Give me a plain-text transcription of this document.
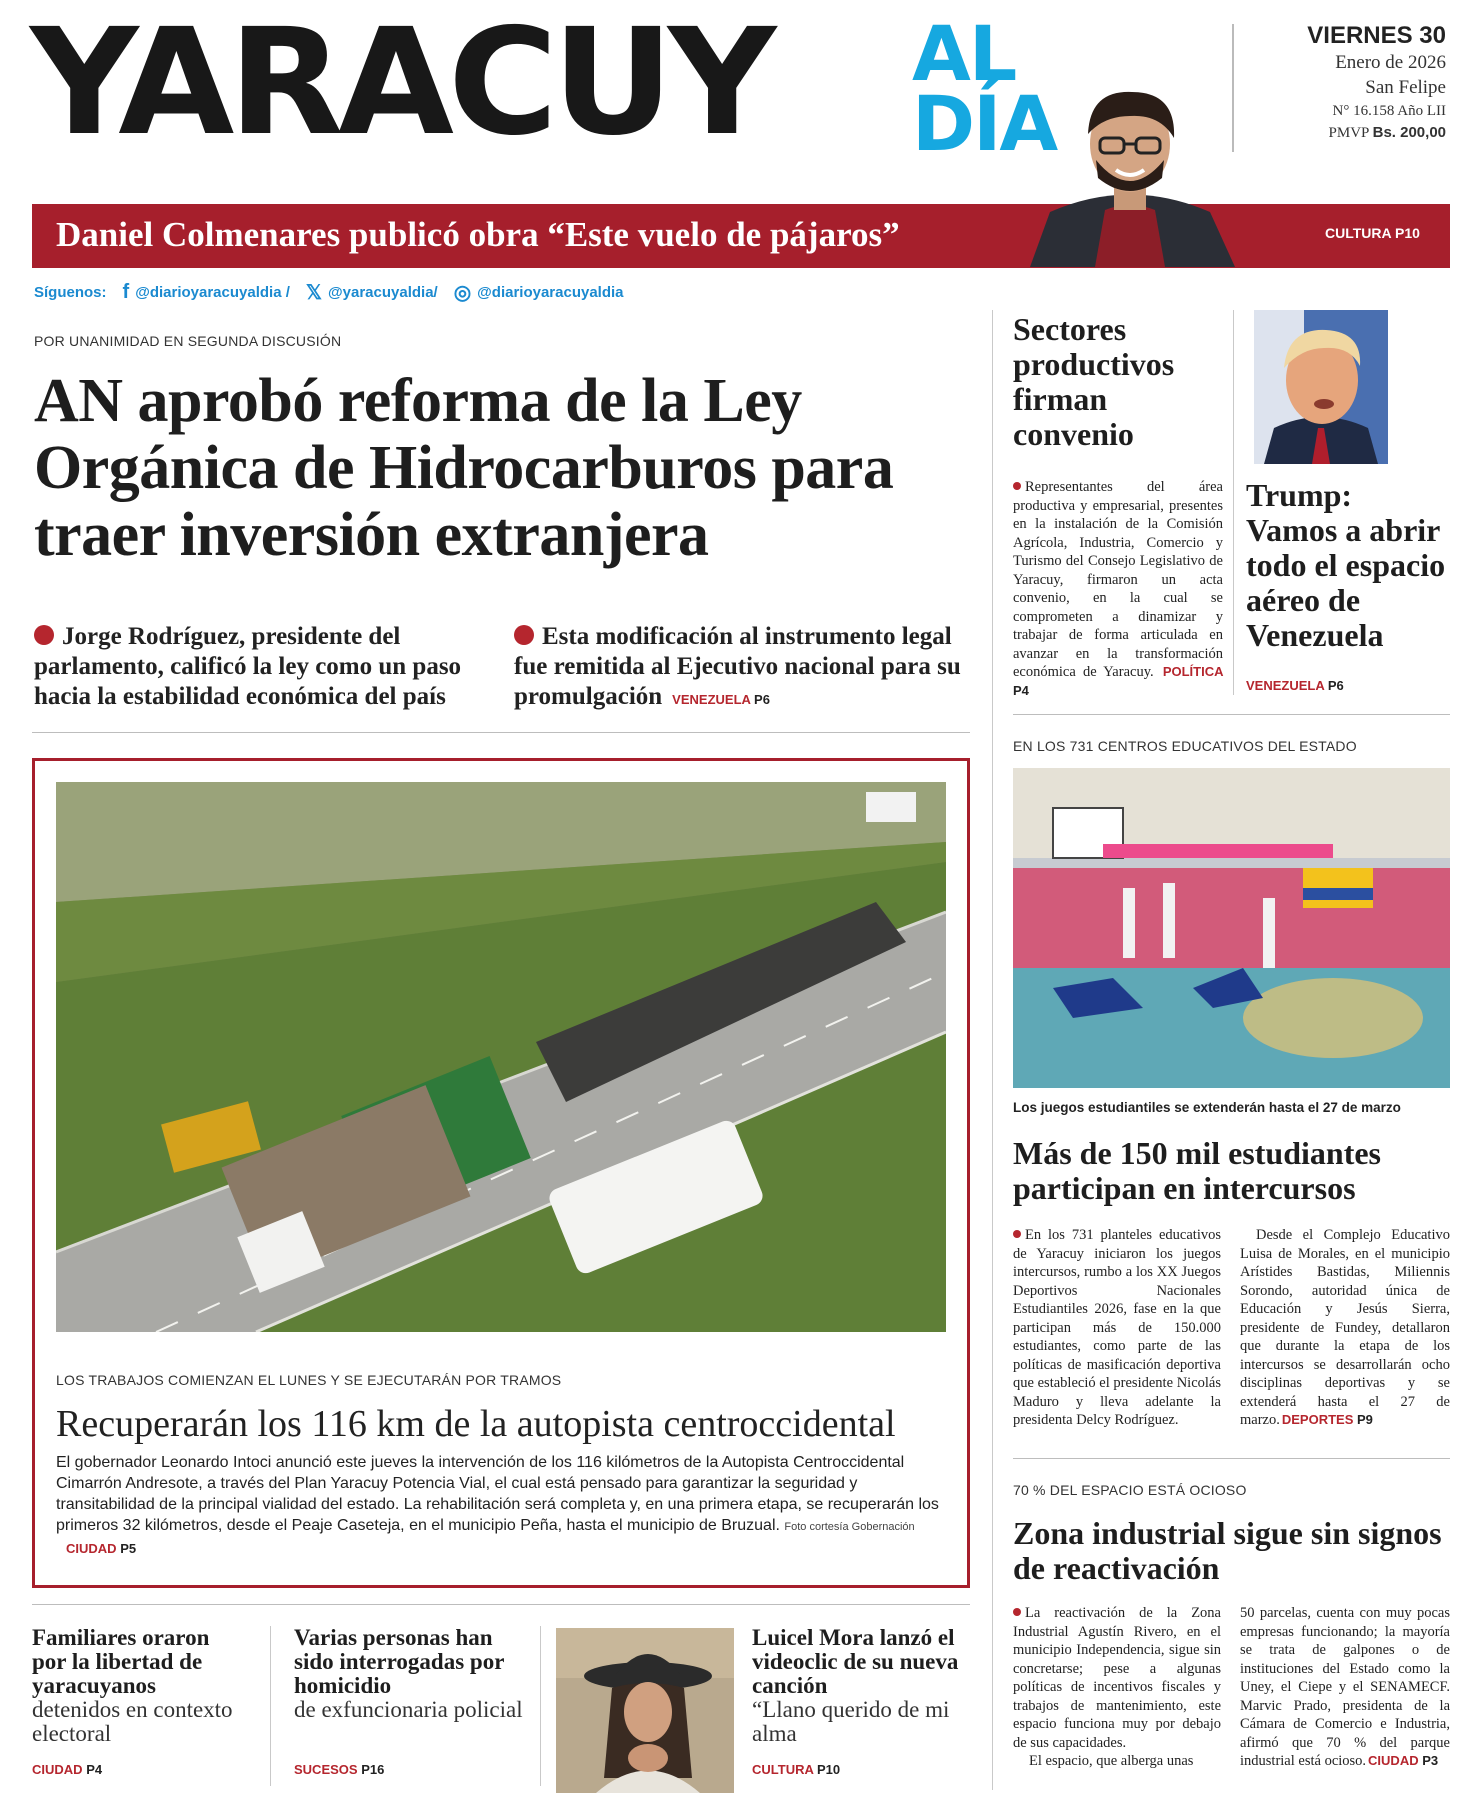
YARACUY AL
DÍA
VIERNES 30
Enero de 2026
San Felipe
N° 16.158 Año LII
PMVP Bs. 200,00
Daniel Colmenares publicó obra “Este vuelo de pájaros”	CULTURA P10
Síguenos: f @diarioyaracuyaldia / 𝕏 @yaracuyaldia/ ◎ @diarioyaracuyaldia
POR UNANIMIDAD EN SEGUNDA DISCUSIÓN
AN aprobó reforma de la Ley Orgánica de Hidrocarburos para traer inversión extranjera
Jorge Rodríguez, presidente del parlamento, calificó la ley como un paso hacia la estabilidad económica del país
Esta modificación al instrumento legal fue remitida al Ejecutivo nacional para su promulgación VENEZUELA P6
LOS TRABAJOS COMIENZAN EL LUNES Y SE EJECUTARÁN POR TRAMOS
Recuperarán los 116 km de la autopista centroccidental
El gobernador Leonardo Intoci anunció este jueves la intervención de los 116 kilómetros de la Autopista Centroccidental Cimarrón Andresote, a través del Plan Yaracuy Potencia Vial, el cual está pensado para garantizar la seguridad y transitabilidad de la principal vialidad del estado. La rehabilitación será completa y, en una primera etapa, se recuperarán los primeros 32 kilómetros, desde el Peaje Caseteja, en el municipio Peña, hasta el municipio de Bruzual. Foto cortesía Gobernación CIUDAD P5
Sectores productivos firman convenio
Representantes del área productiva y empresarial, presentes en la instalación de la Comisión Agrícola, Industria, Comercio y Turismo del Consejo Legislativo de Yaracuy, firmaron un acta convenio, en la cual se comprometen a dinamizar y trabajar de forma articulada en avanzar en la transformación económica de Yaracuy. POLÍTICA P4
Trump: Vamos a abrir todo el espacio aéreo de Venezuela
VENEZUELA P6
EN LOS 731 CENTROS EDUCATIVOS DEL ESTADO
Los juegos estudiantiles se extenderán hasta el 27 de marzo
Más de 150 mil estudiantes participan en intercursos
En los 731 planteles educativos de Yaracuy iniciaron los juegos intercursos, rumbo a los XX Juegos Deportivos Nacionales Estudiantiles 2026, fase en la que participan más de 150.000 estudiantes, como parte de las políticas de masificación deportiva que estableció el presidente Nicolás Maduro y lleva adelante la presidenta Delcy Rodríguez.
Desde el Complejo Educativo Luisa de Morales, en el municipio Arístides Bastidas, Miliennis Sorondo, autoridad única de Educación y Jesús Sierra, presidente de Fundey, detallaron que durante la etapa de los intercursos se desarrollarán ocho disciplinas deportivas y se extenderá hasta el 27 de marzo. DEPORTES P9
70 % DEL ESPACIO ESTÁ OCIOSO
Zona industrial sigue sin signos de reactivación
La reactivación de la Zona Industrial Agustín Rivero, en el municipio Independencia, sigue sin concretarse; pese a algunas políticas de incentivos fiscales y trabajos de mantenimiento, este espacio funciona muy por debajo de sus capacidades.
El espacio, que alberga unas
50 parcelas, cuenta con muy pocas empresas funcionando; la mayoría se trata de galpones o de instituciones del Estado como la Uney, el Ciepe y el SENAMECF. Marvic Prado, presidenta de la Cámara de Comercio e Industria, afirmó que 70 % del parque industrial está ocioso. CIUDAD P3
Familiares oraron por la libertad de yaracuyanos
detenidos en contexto electoral
CIUDAD P4
Varias personas han sido interrogadas por homicidio
de exfuncionaria policial
SUCESOS P16
Luicel Mora lanzó el videoclic de su nueva canción
“Llano querido de mi alma
CULTURA P10
